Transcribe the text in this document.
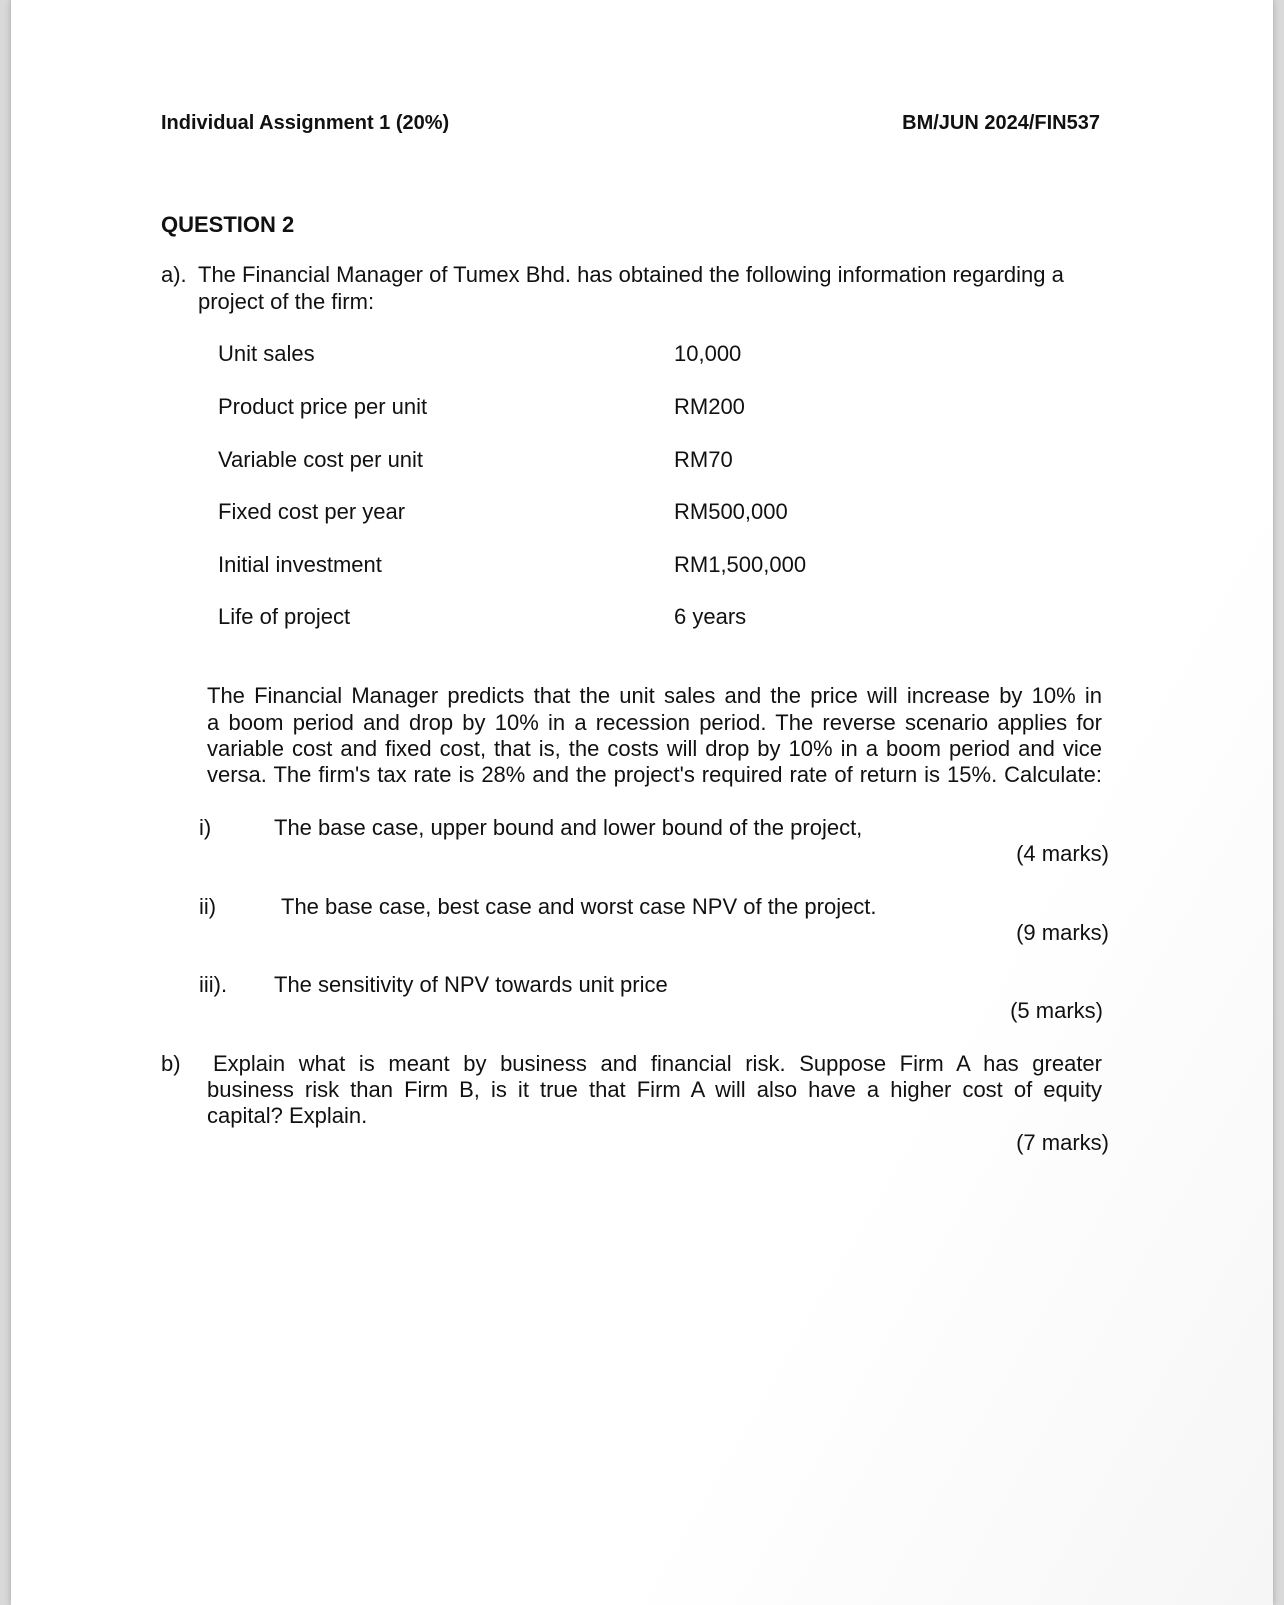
Individual Assignment 1 (20%)	BM/JUN 2024/FIN537
QUESTION 2
a). The Financial Manager of Tumex Bhd. has obtained the following information regarding a
project of the firm:
Unit sales	10,000
Product price per unit	RM200
Variable cost per unit	RM70
Fixed cost per year	RM500,000
Initial investment	RM1,500,000
Life of project	6 years
The Financial Manager predicts that the unit sales and the price will increase by 10% in
a boom period and drop by 10% in a recession period. The reverse scenario applies for
variable cost and fixed cost, that is, the costs will drop by 10% in a boom period and vice
versa. The firm's tax rate is 28% and the project's required rate of return is 15%. Calculate:
i)	The base case, upper bound and lower bound of the project,
(4 marks)
ii)	The base case, best case and worst case NPV of the project.
(9 marks)
iii). The sensitivity of NPV towards unit price
(5 marks)
b) Explain what is meant by business and financial risk. Suppose Firm A has greater
business risk than Firm B, is it true that Firm A will also have a higher cost of equity
capital? Explain.
(7 marks)
